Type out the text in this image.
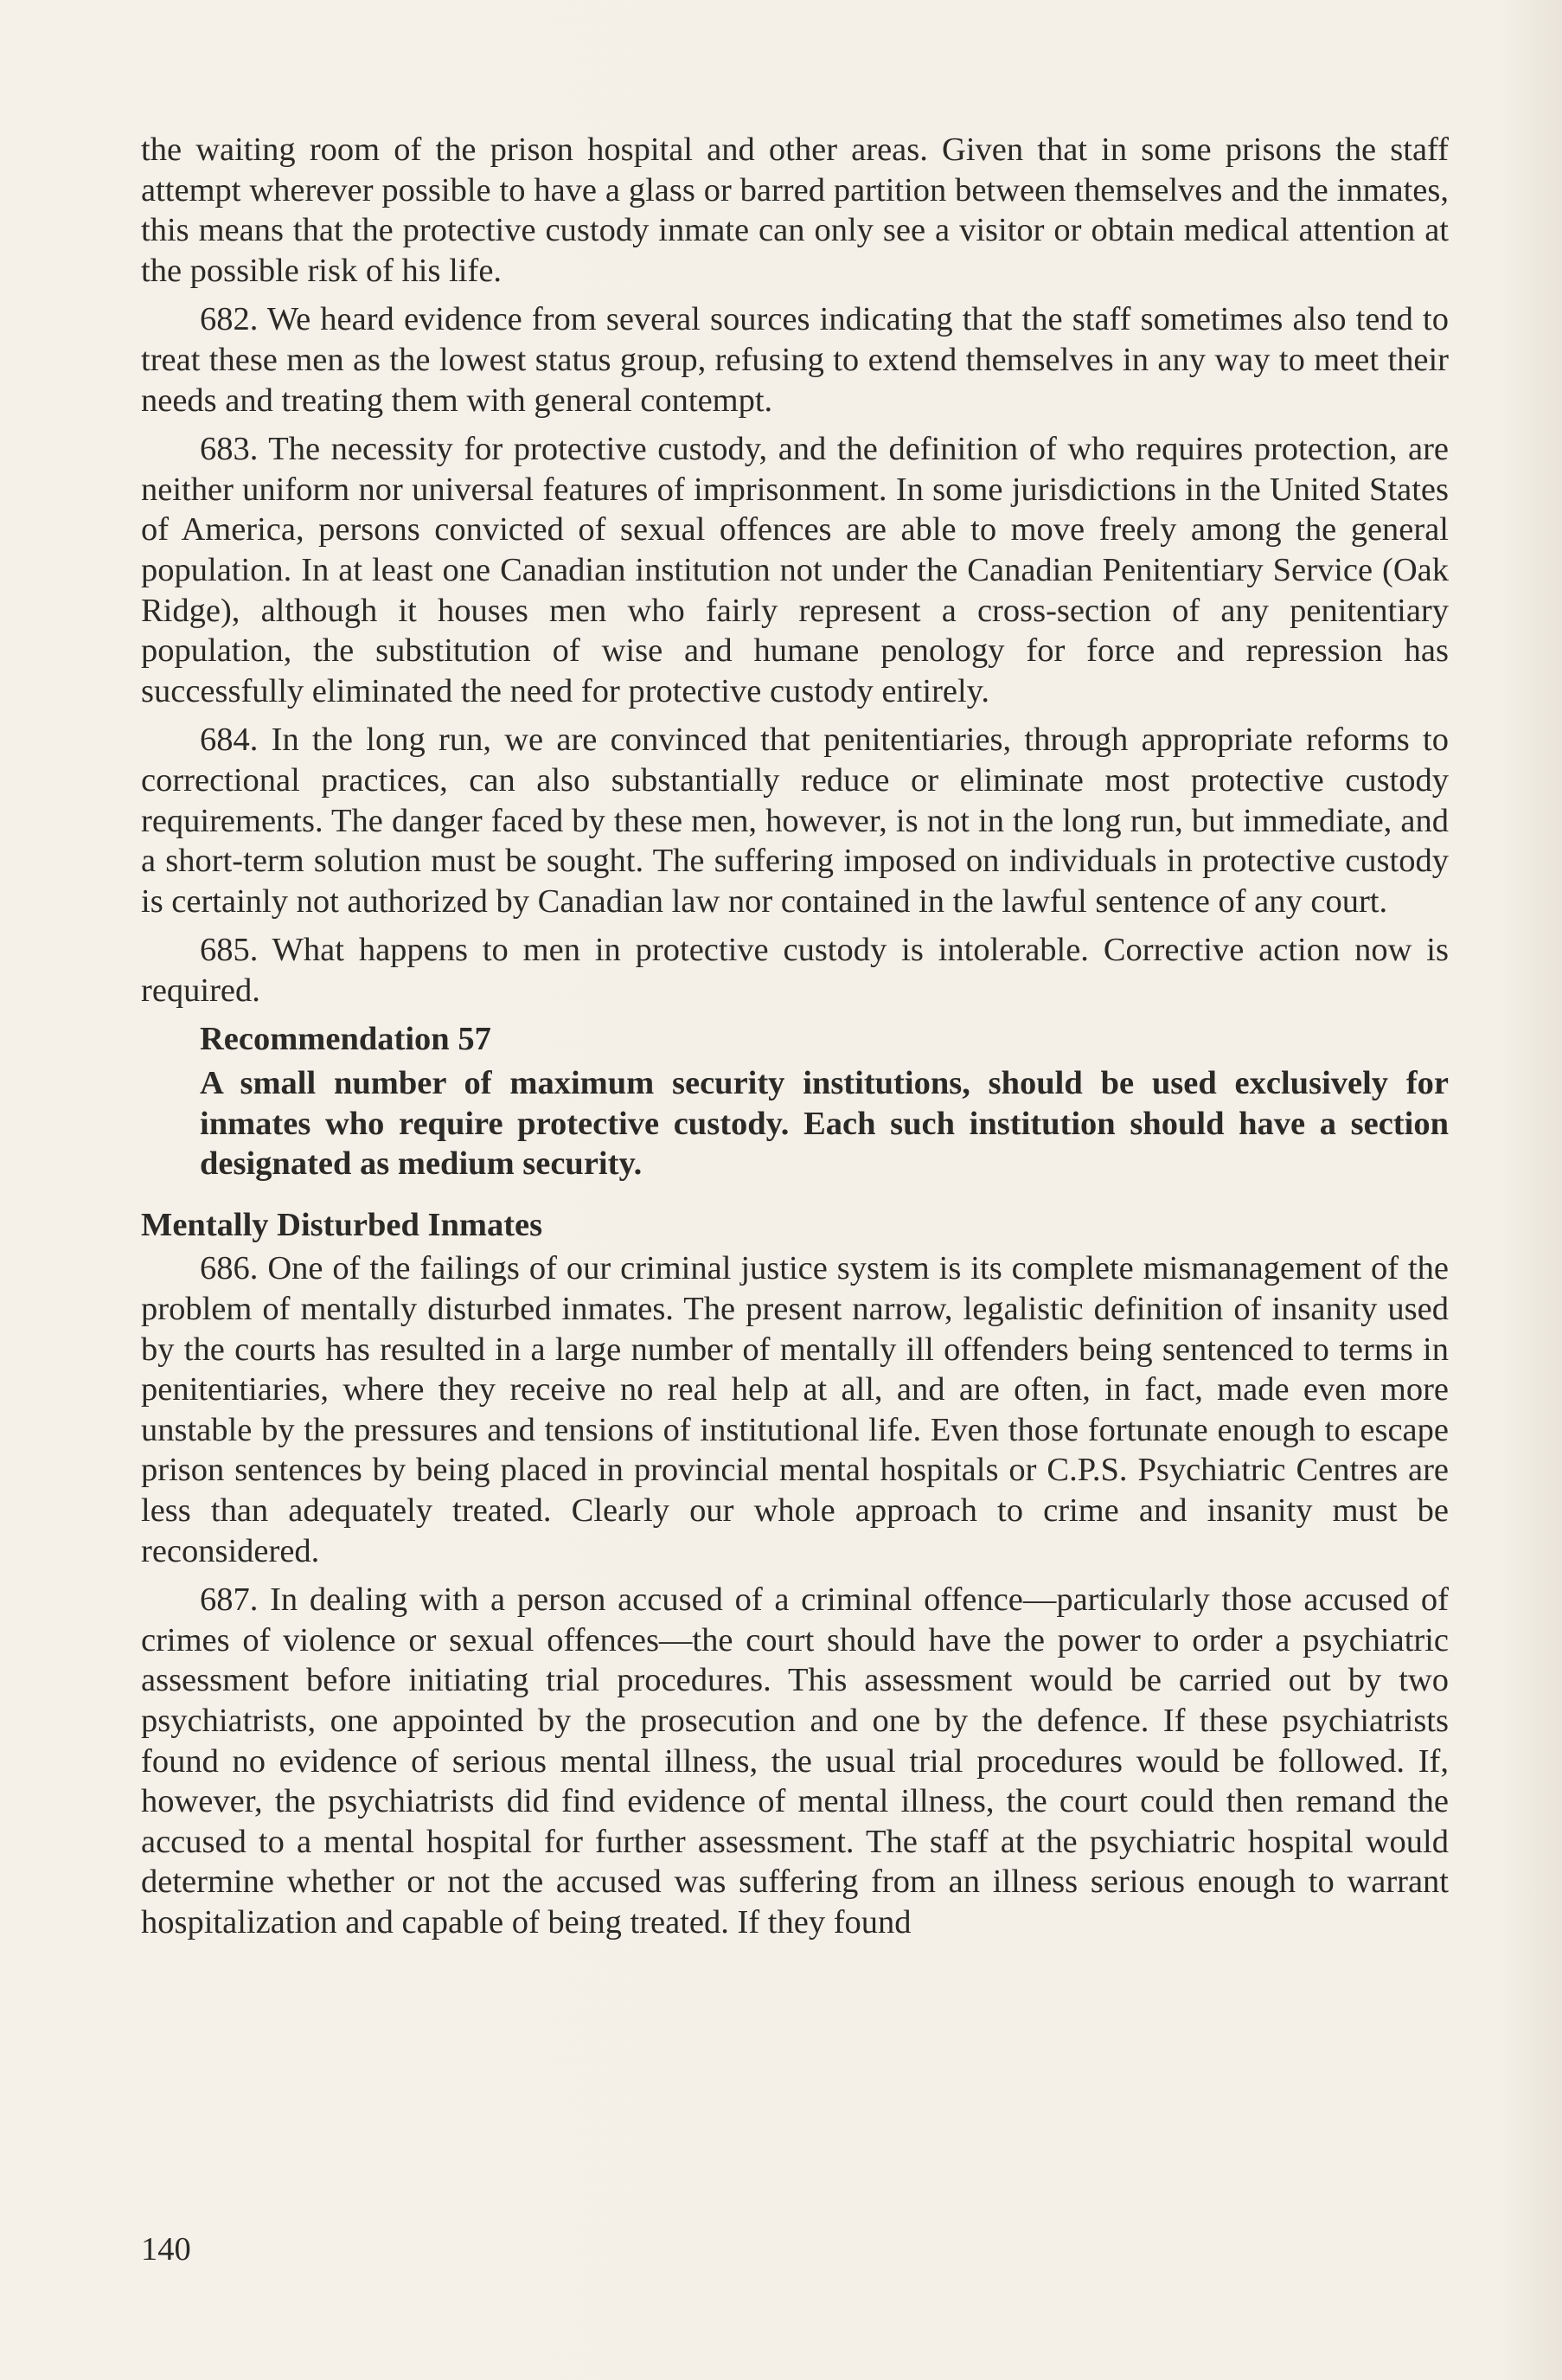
the waiting room of the prison hospital and other areas. Given that in some prisons the staff attempt wherever possible to have a glass or barred partition between themselves and the inmates, this means that the protective custody inmate can only see a visitor or obtain medical attention at the possible risk of his life.

682. We heard evidence from several sources indicating that the staff sometimes also tend to treat these men as the lowest status group, refusing to extend themselves in any way to meet their needs and treating them with general contempt.

683. The necessity for protective custody, and the definition of who requires protection, are neither uniform nor universal features of imprisonment. In some jurisdictions in the United States of America, persons convicted of sexual offences are able to move freely among the general population. In at least one Canadian institution not under the Canadian Penitentiary Service (Oak Ridge), although it houses men who fairly represent a cross-section of any penitentiary population, the substitution of wise and humane penology for force and repression has successfully eliminated the need for protective custody entirely.

684. In the long run, we are convinced that penitentiaries, through appropriate reforms to correctional practices, can also substantially reduce or eliminate most protective custody requirements. The danger faced by these men, however, is not in the long run, but immediate, and a short-term solution must be sought. The suffering imposed on individuals in protective custody is certainly not authorized by Canadian law nor contained in the lawful sentence of any court.

685. What happens to men in protective custody is intolerable. Corrective action now is required.

Recommendation 57

A small number of maximum security institutions, should be used exclusively for inmates who require protective custody. Each such institution should have a section designated as medium security.

Mentally Disturbed Inmates

686. One of the failings of our criminal justice system is its complete mismanagement of the problem of mentally disturbed inmates. The present narrow, legalistic definition of insanity used by the courts has resulted in a large number of mentally ill offenders being sentenced to terms in penitentiaries, where they receive no real help at all, and are often, in fact, made even more unstable by the pressures and tensions of institutional life. Even those fortunate enough to escape prison sentences by being placed in provincial mental hospitals or C.P.S. Psychiatric Centres are less than adequately treated. Clearly our whole approach to crime and insanity must be reconsidered.

687. In dealing with a person accused of a criminal offence—particularly those accused of crimes of violence or sexual offences—the court should have the power to order a psychiatric assessment before initiating trial procedures. This assessment would be carried out by two psychiatrists, one appointed by the prosecution and one by the defence. If these psychiatrists found no evidence of serious mental illness, the usual trial procedures would be followed. If, however, the psychiatrists did find evidence of mental illness, the court could then remand the accused to a mental hospital for further assessment. The staff at the psychiatric hospital would determine whether or not the accused was suffering from an illness serious enough to warrant hospitalization and capable of being treated. If they found

140
